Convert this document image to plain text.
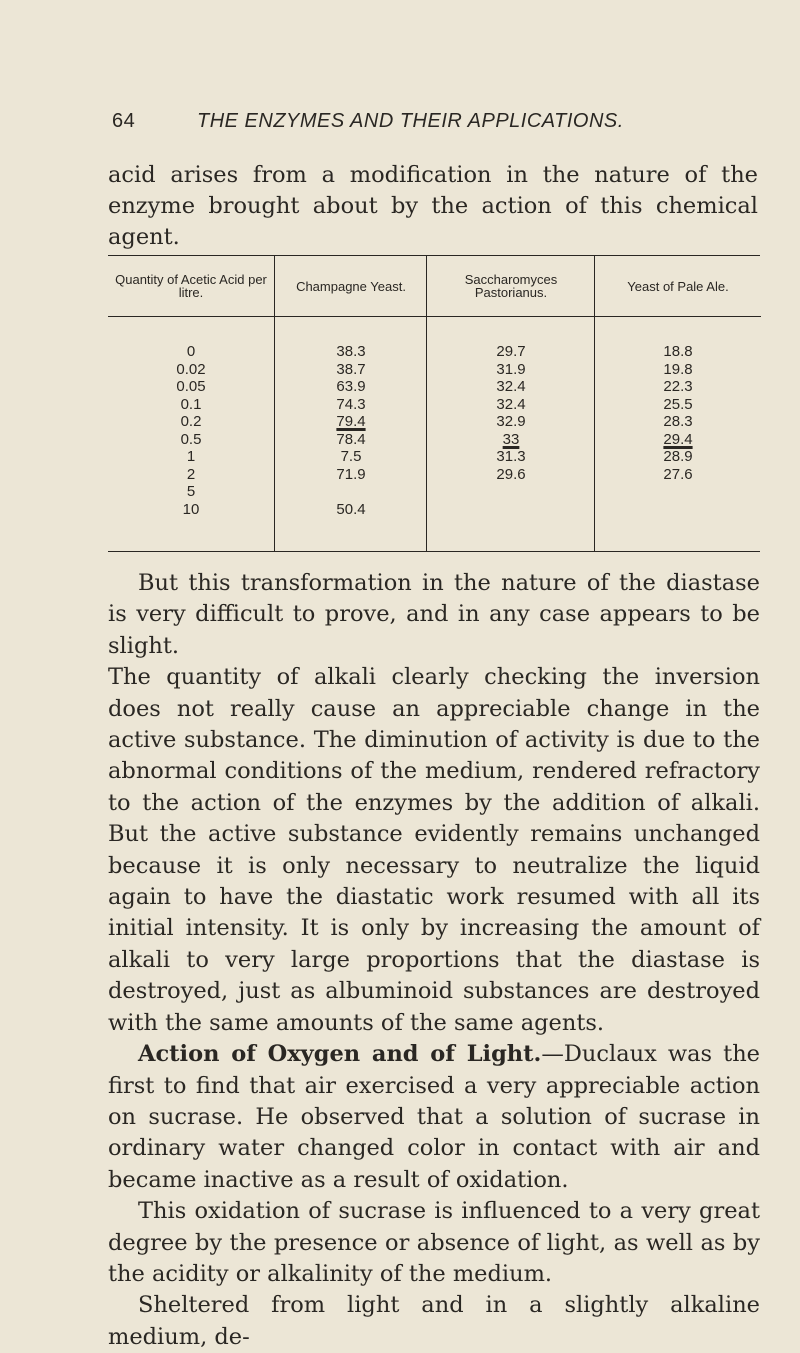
64	THE ENZYMES AND THEIR APPLICATIONS.
acid arises from a modification in the nature of the enzyme brought about by the action of this chemical agent.
Quantity of Acetic Acid per litre.
0
0.02
0.05
0.1
0.2
0.5
1
2
5
10
Champagne Yeast.
38.3
38.7
63.9
74.3
79.4
78.4
7.5
71.9
50.4
Saccharomyces Pastorianus.
29.7
31.9
32.4
32.4
32.9
33
31.3
29.6
Yeast of Pale Ale.
18.8
19.8
22.3
25.5
28.3
29.4
28.9
27.6

But this transformation in the nature of the diastase is very difficult to prove, and in any case appears to be slight.

The quantity of alkali clearly checking the inversion does not really cause an appreciable change in the active substance. The diminution of activity is due to the abnormal conditions of the medium, rendered refractory to the action of the enzymes by the addition of alkali. But the active substance evidently remains unchanged because it is only necessary to neutralize the liquid again to have the diastatic work resumed with all its initial intensity. It is only by increasing the amount of alkali to very large proportions that the diastase is destroyed, just as albuminoid substances are destroyed with the same amounts of the same agents.

Action of Oxygen and of Light.—Duclaux was the first to find that air exercised a very appreciable action on sucrase. He observed that a solution of sucrase in ordinary water changed color in contact with air and became inactive as a result of oxidation.

This oxidation of sucrase is influenced to a very great degree by the presence or absence of light, as well as by the acidity or alkalinity of the medium.

Sheltered from light and in a slightly alkaline medium, de-
